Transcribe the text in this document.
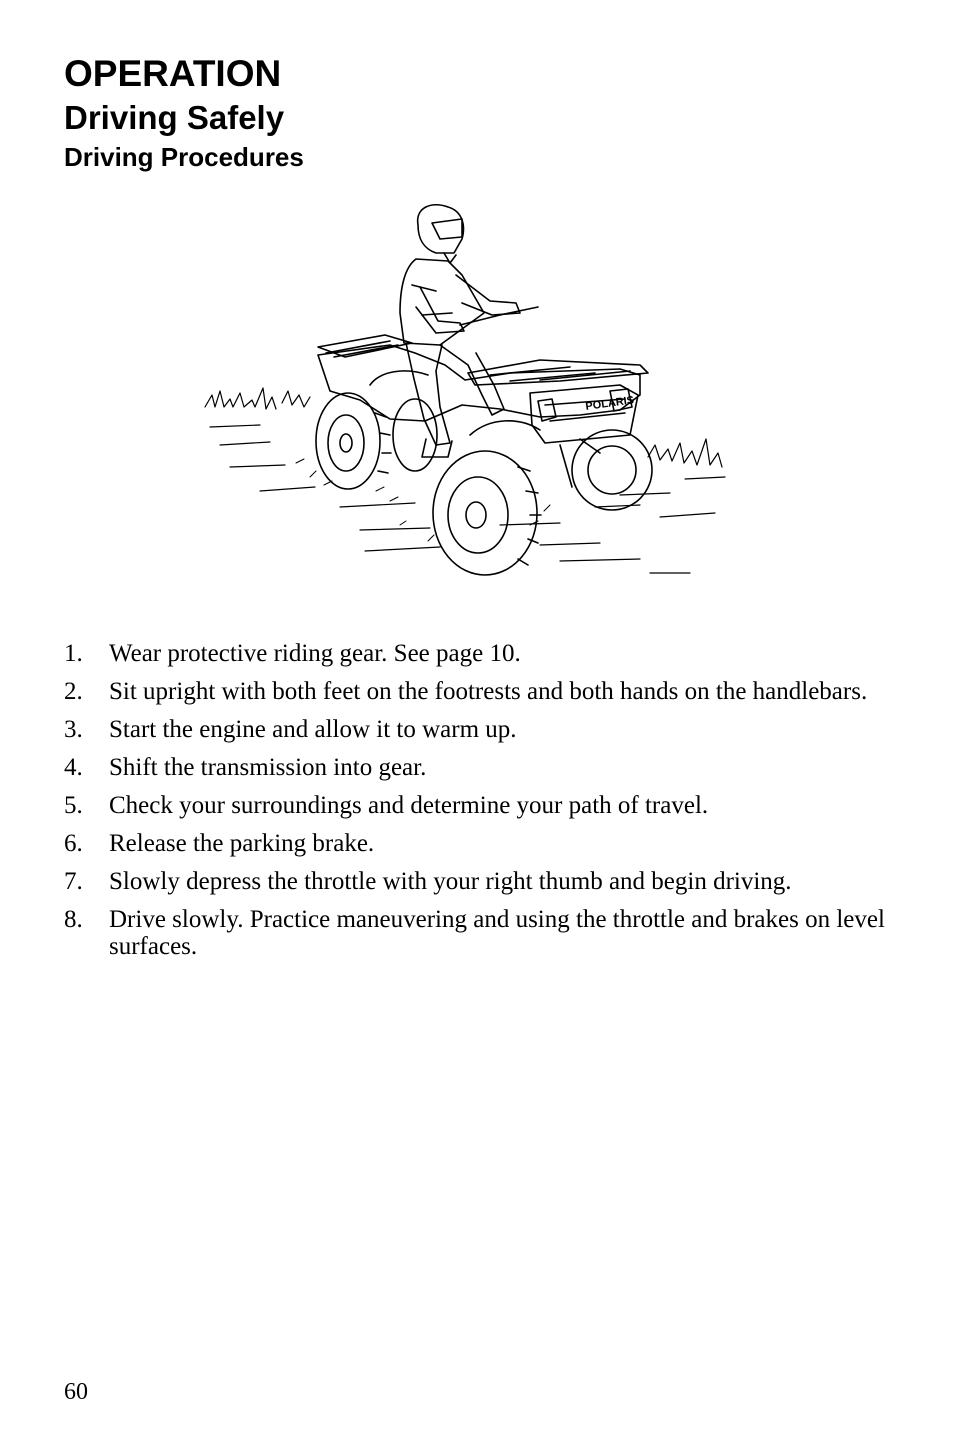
OPERATION
Driving Safely
Driving Procedures
POLARIS
1. Wear protective riding gear. See page 10.
2. Sit upright with both feet on the footrests and both hands on the handlebars.
3. Start the engine and allow it to warm up.
4. Shift the transmission into gear.
5. Check your surroundings and determine your path of travel.
6. Release the parking brake.
7. Slowly depress the throttle with your right thumb and begin driving.
8. Drive slowly. Practice maneuvering and using the throttle and brakes on level surfaces.
60
